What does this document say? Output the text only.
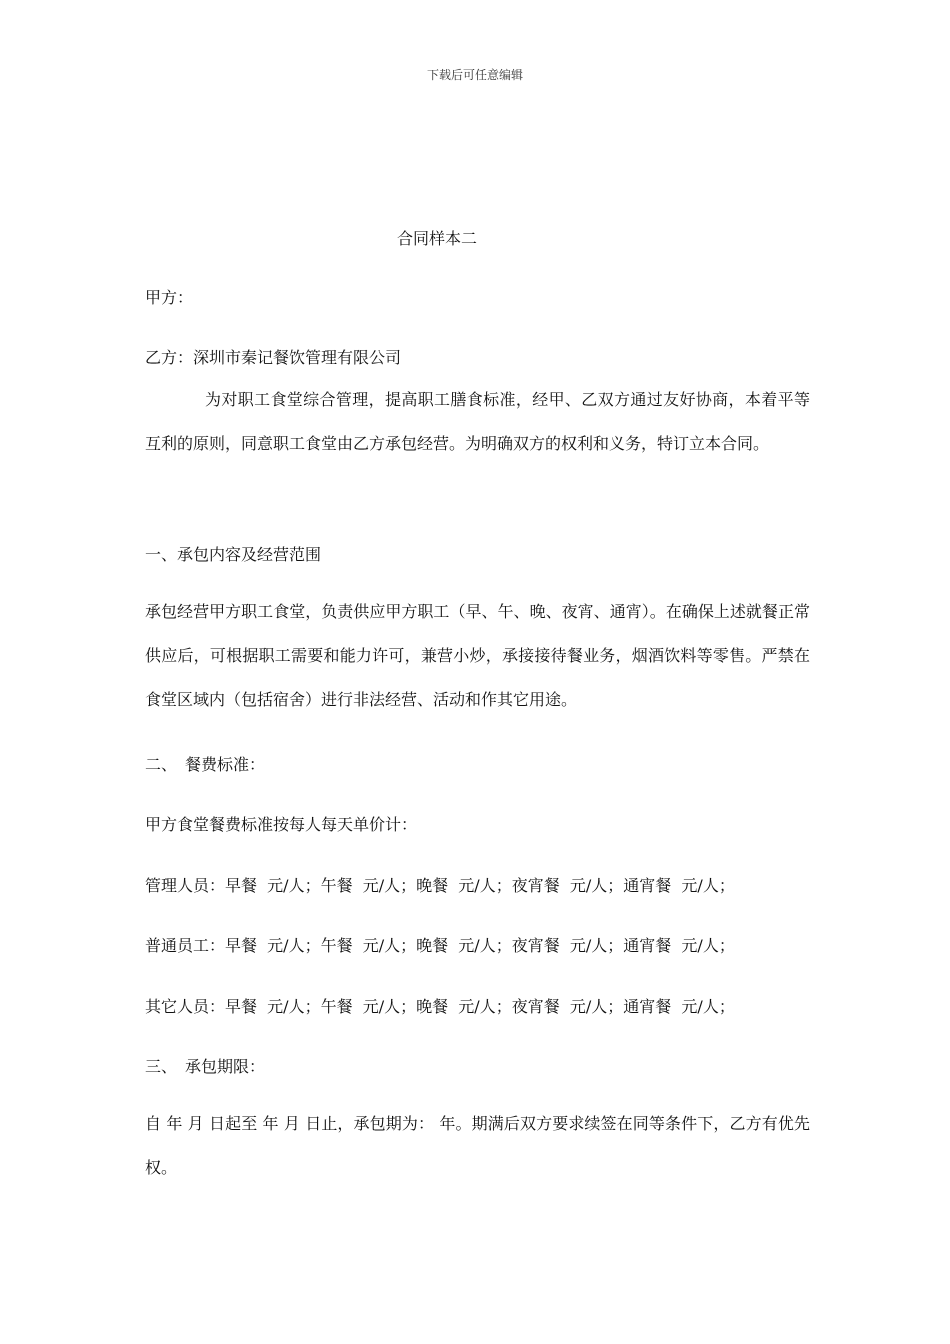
下载后可任意编辑
合同样本二
甲方：
乙方：深圳市秦记餐饮管理有限公司
为对职工食堂综合管理，提高职工膳食标准，经甲、乙双方通过友好协商，本着平等互利的原则，同意职工食堂由乙方承包经营。为明确双方的权利和义务，特订立本合同。
一、承包内容及经营范围
承包经营甲方职工食堂，负责供应甲方职工（早、午、晚、夜宵、通宵）。在确保上述就餐正常供应后，可根据职工需要和能力许可，兼营小炒，承接接待餐业务，烟酒饮料等零售。严禁在食堂区域内（包括宿舍）进行非法经营、活动和作其它用途。
二、　餐费标准：
甲方食堂餐费标准按每人每天单价计：
管理人员：早餐  元/人；午餐  元/人；晚餐  元/人；夜宵餐  元/人；通宵餐  元/人；
普通员工：早餐  元/人；午餐  元/人；晚餐  元/人；夜宵餐  元/人；通宵餐  元/人；
其它人员：早餐  元/人；午餐  元/人；晚餐  元/人；夜宵餐  元/人；通宵餐  元/人；
三、　承包期限：
自 年 月 日起至 年 月 日止，承包期为： 年。期满后双方要求续签在同等条件下，乙方有优先权。
